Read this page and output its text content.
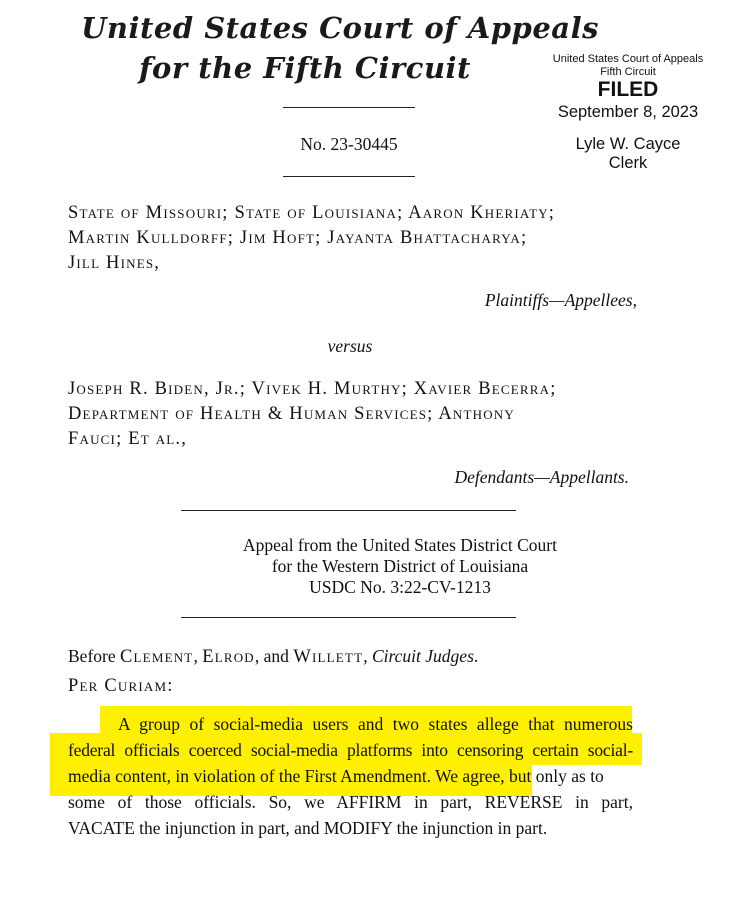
United States Court of Appeals
for the Fifth Circuit	United States Court of Appeals
Fifth Circuit
FILED
September 8, 2023
Lyle W. Cayce
Clerk
No. 23-30445
State of Missouri; State of Louisiana; Aaron Kheriaty;
Martin Kulldorff; Jim Hoft; Jayanta Bhattacharya;
Jill Hines,
Plaintiffs—Appellees,
versus
Joseph R. Biden, Jr.; Vivek H. Murthy; Xavier Becerra;
Department of Health & Human Services; Anthony
Fauci; Et al.,
Defendants—Appellants.
Appeal from the United States District Court
for the Western District of Louisiana
USDC No. 3:22-CV-1213
Before Clement, Elrod, and Willett, Circuit Judges.
Per Curiam:
A group of social-media users and two states allege that numerous
federal officials coerced social-media platforms into censoring certain social-
media content, in violation of the First Amendment. We agree, but only as to
some of those officials. So, we AFFIRM in part, REVERSE in part,
VACATE the injunction in part, and MODIFY the injunction in part.
